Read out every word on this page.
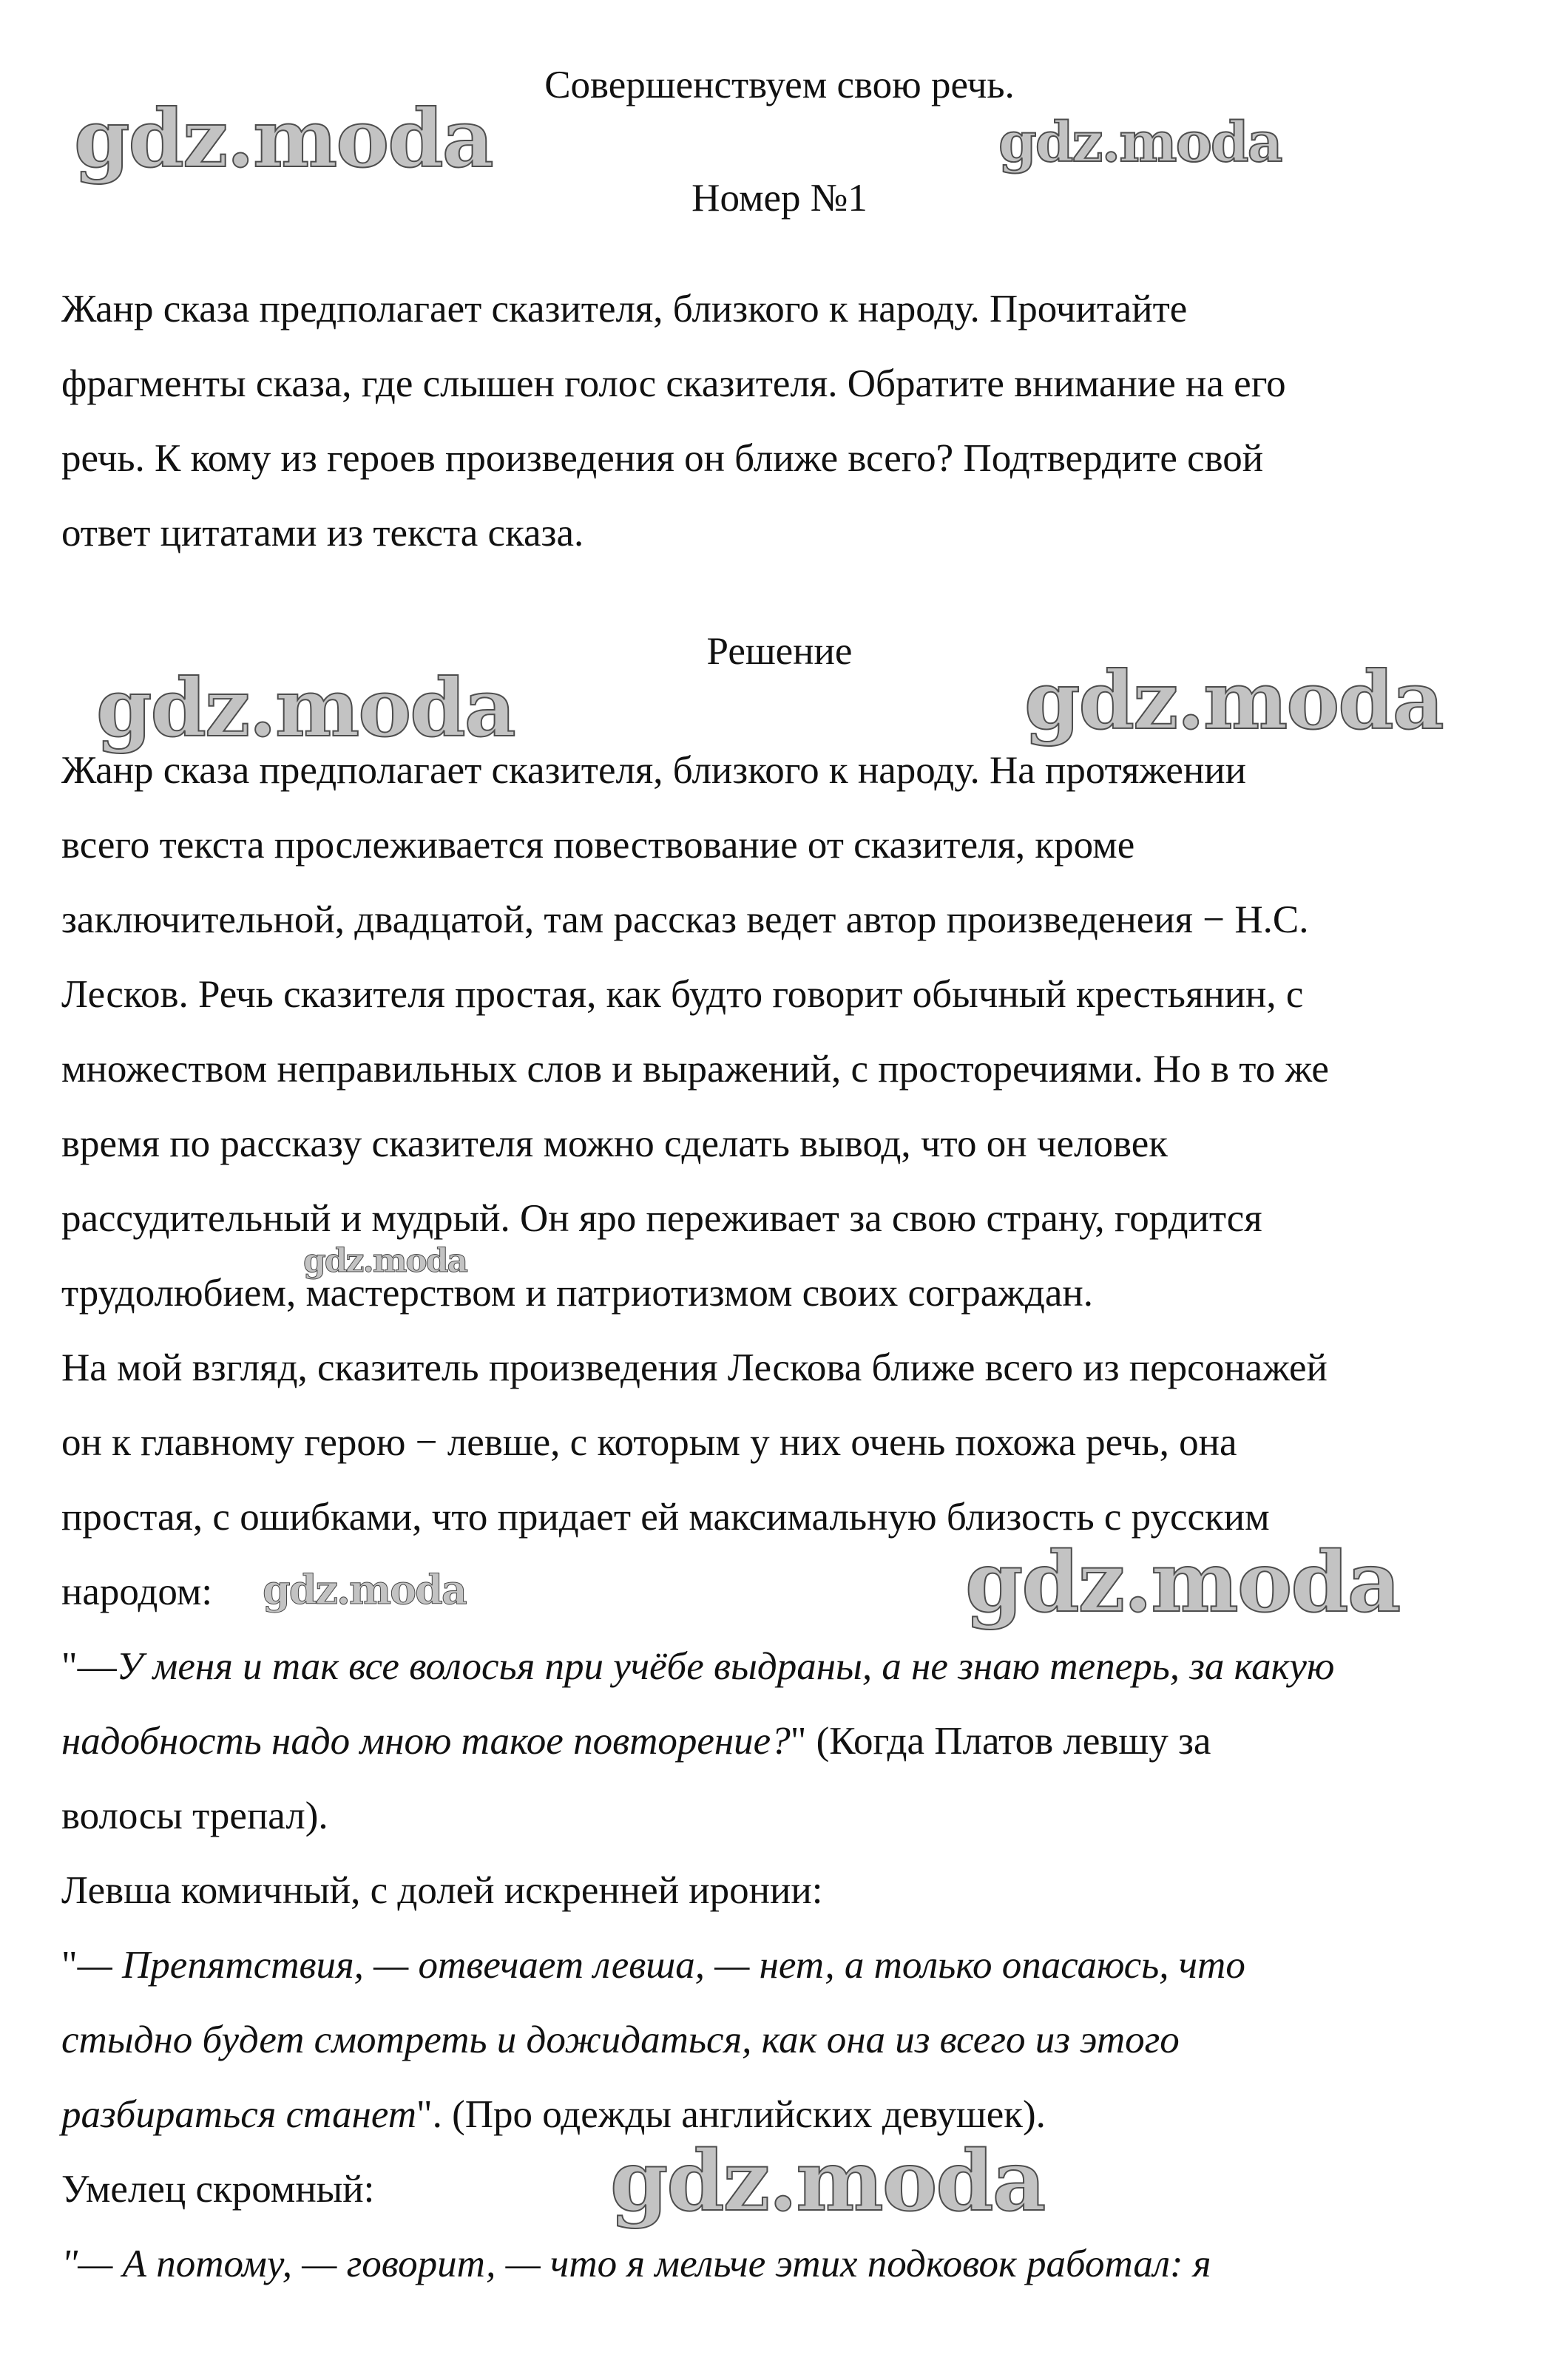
Совершенствуем свою речь.
Номер №1
Жанр сказа предполагает сказителя, близкого к народу. Прочитайте
фрагменты сказа, где слышен голос сказителя. Обратите внимание на его
речь. К кому из героев произведения он ближе всего? Подтвердите свой
ответ цитатами из текста сказа.
Решение
Жанр сказа предполагает сказителя, близкого к народу. На протяжении
всего текста прослеживается повествование от сказителя, кроме
заключительной, двадцатой, там рассказ ведет автор произведенеия − Н.С.
Лесков. Речь сказителя простая, как будто говорит обычный крестьянин, с
множеством неправильных слов и выражений, с просторечиями. Но в то же
время по рассказу сказителя можно сделать вывод, что он человек
рассудительный и мудрый. Он яро переживает за свою страну, гордится
трудолюбием, мастерством и патриотизмом своих сограждан.
На мой взгляд, сказитель произведения Лескова ближе всего из персонажей
он к главному герою − левше, с которым у них очень похожа речь, она
простая, с ошибками, что придает ей максимальную близость с русским
народом:
"—У меня и так все волосья при учёбе выдраны, а не знаю теперь, за какую
надобность надо мною такое повторение?" (Когда Платов левшу за
волосы трепал).
Левша комичный, с долей искренней иронии:
"— Препятствия, — отвечает левша, — нет, а только опасаюсь, что
стыдно будет смотреть и дожидаться, как она из всего из этого
разбираться станет". (Про одежды английских девушек).
Умелец скромный:
"— А потому, — говорит, — что я мельче этих подковок работал: я
gdz.moda	gdz.moda
gdz.moda	gdz.moda
gdz.moda
gdz.moda	gdz.moda
gdz.moda
